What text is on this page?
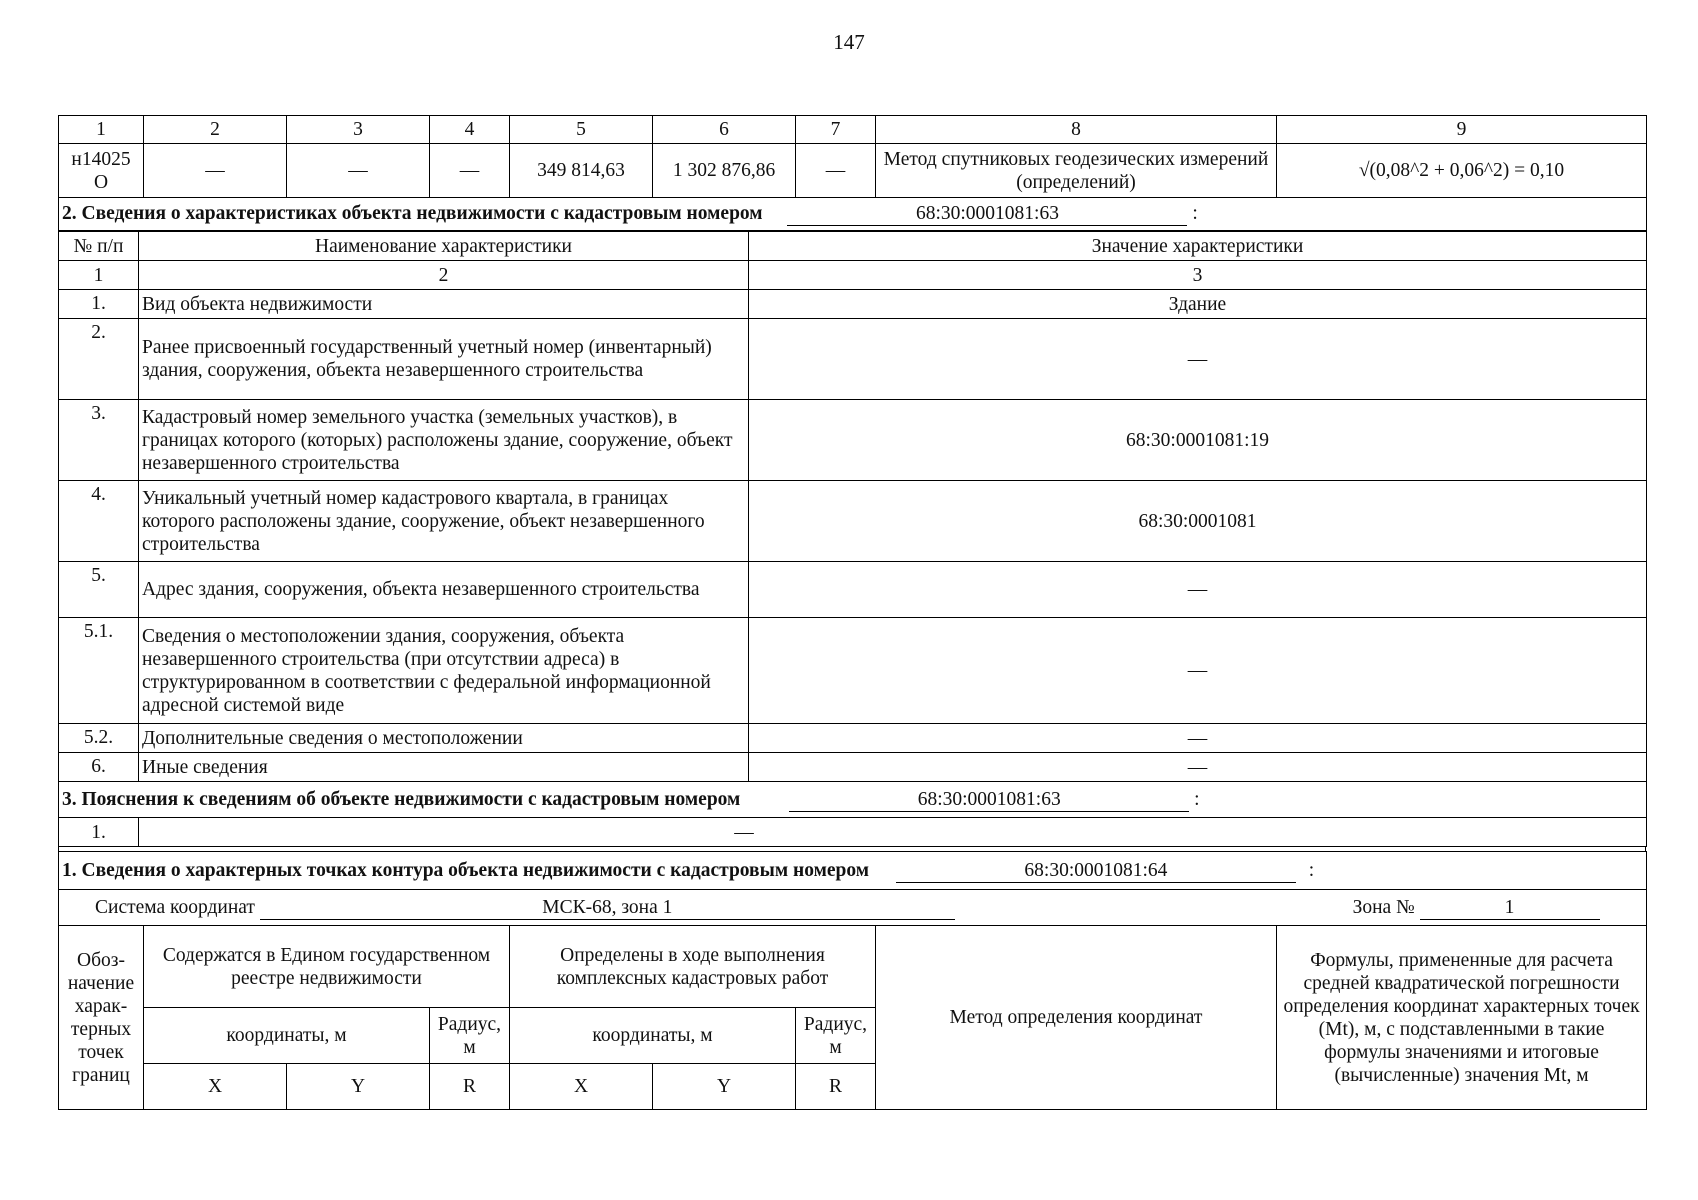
147
1	2	3	4	5	6	7	8	9
н14025 О	—	—	—	349 814,63	1 302 876,86	—	Метод спутниковых геодезических измерений (определений)	√(0,08^2 + 0,06^2) = 0,10
2. Сведения о характеристиках объекта недвижимости с кадастровым номером 68:30:0001081:63 :								
№ п/п	Наименование характеристики	Значение характеристики
1	2	3
1.	Вид объекта недвижимости	Здание
2.	Ранее присвоенный государственный учетный номер (инвентарный) здания, сооружения, объекта незавершенного строительства	—
3.	Кадастровый номер земельного участка (земельных участков), в границах которого (которых) расположены здание, сооружение, объект незавершенного строительства	68:30:0001081:19
4.	Уникальный учетный номер кадастрового квартала, в границах которого расположены здание, сооружение, объект незавершенного строительства	68:30:0001081
5.	Адрес здания, сооружения, объекта незавершенного строительства	—
5.1.	Сведения о местоположении здания, сооружения, объекта незавершенного строительства (при отсутствии адреса) в структурированном в соответствии с федеральной информационной адресной системой виде	—
5.2.	Дополнительные сведения о местоположении	—
6.	Иные сведения	—
3. Пояснения к сведениям об объекте недвижимости с кадастровым номером 68:30:0001081:63 :		
1.	—	
1. Сведения о характерных точках контура объекта недвижимости с кадастровым номером 68:30:0001081:64 :								
Система координат МСК-68, зона 1 Зона № 1								
Обоз-начение харак-терных точек границ	Содержатся в Едином государственном реестре недвижимости			Определены в ходе выполнения комплексных кадастровых работ			Метод определения координат	Формулы, примененные для расчета средней квадратической погрешности определения координат характерных точек (Mt), м, с подставленными в такие формулы значениями и итоговые (вычисленные) значения Mt, м
	координаты, м		Радиус, м	координаты, м		Радиус, м		
	X	Y	R	X	Y	R		
